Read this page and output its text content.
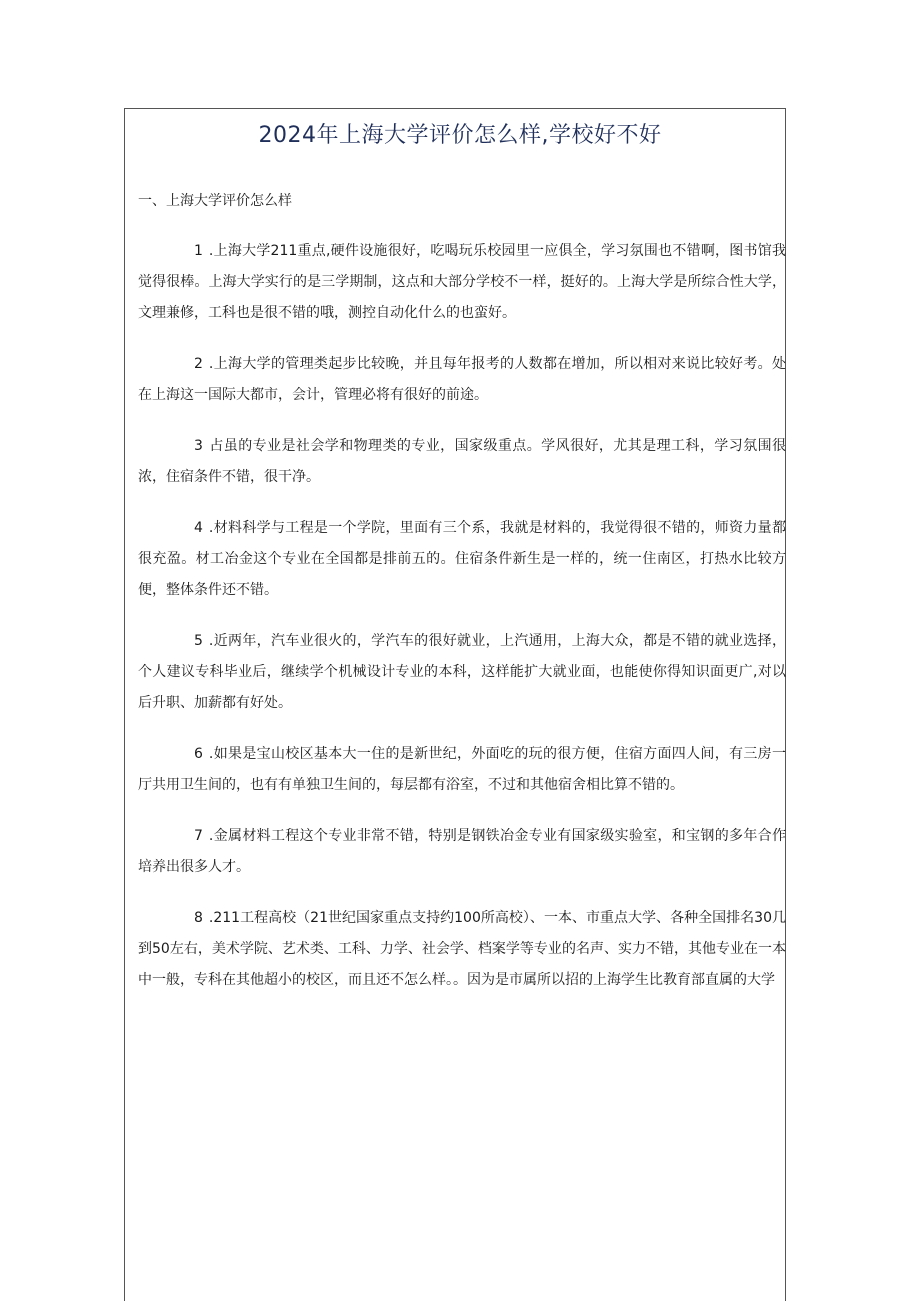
2024年上海大学评价怎么样,学校好不好

一、上海大学评价怎么样

1 .上海大学211重点,硬件设施很好，吃喝玩乐校园里一应俱全，学习氛围也不错啊，图书馆我觉得很棒。上海大学实行的是三学期制，这点和大部分学校不一样，挺好的。上海大学是所综合性大学，文理兼修，工科也是很不错的哦，测控自动化什么的也蛮好。

2 .上海大学的管理类起步比较晚，并且每年报考的人数都在增加，所以相对来说比较好考。处在上海这一国际大都市，会计，管理必将有很好的前途。

3 占虽的专业是社会学和物理类的专业，国家级重点。学风很好，尤其是理工科，学习氛围很浓，住宿条件不错，很干净。

4 .材料科学与工程是一个学院，里面有三个系，我就是材料的，我觉得很不错的，师资力量都很充盈。材工冶金这个专业在全国都是排前五的。住宿条件新生是一样的，统一住南区，打热水比较方便，整体条件还不错。

5 .近两年，汽车业很火的，学汽车的很好就业，上汽通用，上海大众，都是不错的就业选择，个人建议专科毕业后，继续学个机械设计专业的本科，这样能扩大就业面，也能使你得知识面更广,对以后升职、加薪都有好处。

6 .如果是宝山校区基本大一住的是新世纪，外面吃的玩的很方便，住宿方面四人间，有三房一厅共用卫生间的，也有有单独卫生间的，每层都有浴室，不过和其他宿舍相比算不错的。

7 .金属材料工程这个专业非常不错，特别是钢铁冶金专业有国家级实验室，和宝钢的多年合作培养出很多人才。

8 .211工程高校（21世纪国家重点支持约100所高校）、一本、市重点大学、各种全国排名30几到50左右，美术学院、艺术类、工科、力学、社会学、档案学等专业的名声、实力不错，其他专业在一本中一般，专科在其他超小的校区，而且还不怎么样。。因为是市属所以招的上海学生比教育部直属的大学
